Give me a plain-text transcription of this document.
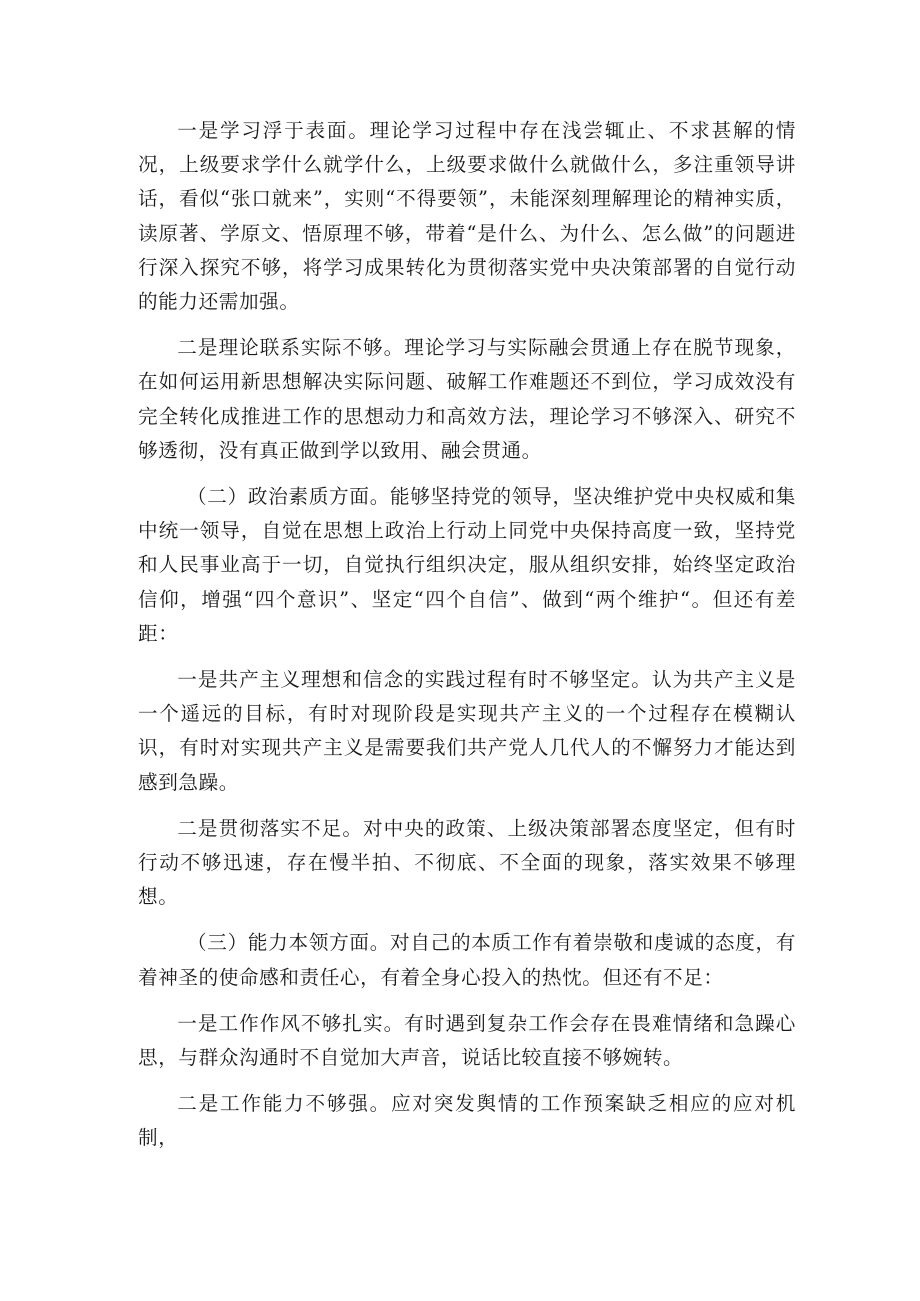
一是学习浮于表面。理论学习过程中存在浅尝辄止、不求甚解的情况，上级要求学什么就学什么，上级要求做什么就做什么，多注重领导讲话，看似“张口就来”，实则“不得要领”，未能深刻理解理论的精神实质，读原著、学原文、悟原理不够，带着“是什么、为什么、怎么做”的问题进行深入探究不够，将学习成果转化为贯彻落实党中央决策部署的自觉行动的能力还需加强。

二是理论联系实际不够。理论学习与实际融会贯通上存在脱节现象，在如何运用新思想解决实际问题、破解工作难题还不到位，学习成效没有完全转化成推进工作的思想动力和高效方法，理论学习不够深入、研究不够透彻，没有真正做到学以致用、融会贯通。

（二）政治素质方面。能够坚持党的领导，坚决维护党中央权威和集中统一领导，自觉在思想上政治上行动上同党中央保持高度一致，坚持党和人民事业高于一切，自觉执行组织决定，服从组织安排，始终坚定政治信仰，增强“四个意识”、坚定“四个自信”、做到“两个维护“。但还有差距：

一是共产主义理想和信念的实践过程有时不够坚定。认为共产主义是一个遥远的目标，有时对现阶段是实现共产主义的一个过程存在模糊认识，有时对实现共产主义是需要我们共产党人几代人的不懈努力才能达到感到急躁。

二是贯彻落实不足。对中央的政策、上级决策部署态度坚定，但有时行动不够迅速，存在慢半拍、不彻底、不全面的现象，落实效果不够理想。

（三）能力本领方面。对自己的本质工作有着崇敬和虔诚的态度，有着神圣的使命感和责任心，有着全身心投入的热忱。但还有不足：

一是工作作风不够扎实。有时遇到复杂工作会存在畏难情绪和急躁心思，与群众沟通时不自觉加大声音，说话比较直接不够婉转。

二是工作能力不够强。应对突发舆情的工作预案缺乏相应的应对机制，
